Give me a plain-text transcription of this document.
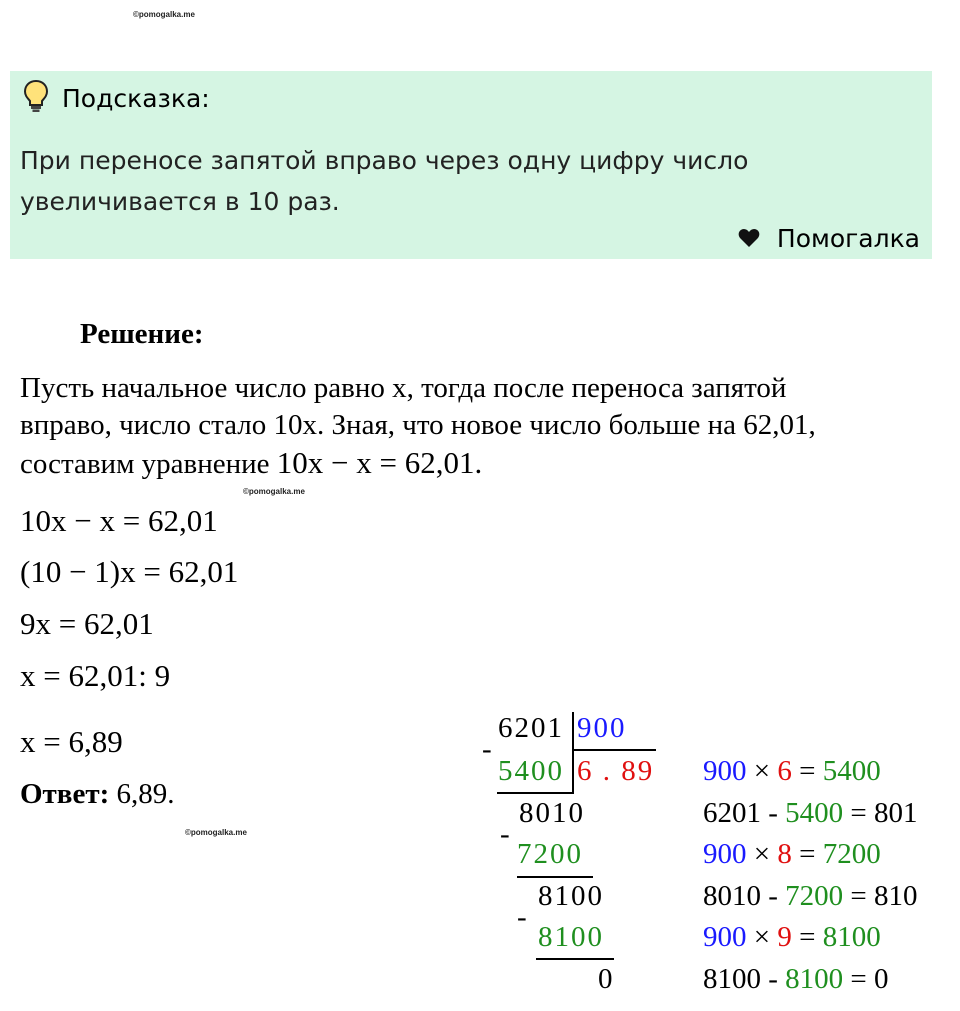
©pomogalka.me
©pomogalka.me
©pomogalka.me
Подсказка:
При переносе запятой вправо через одну цифру число увеличивается в 10 раз.
Помогалка
Решение:
Пусть начальное число равно x, тогда после переноса запятой
вправо, число стало 10x. Зная, что новое число больше на 62,01,
составим уравнение 10x − x = 62,01.
10x − x = 62,01
(10 − 1)x = 62,01
9x = 62,01
x = 62,01: 9
x = 6,89
Ответ: 6,89.
6201 900
-
5400 6 . 89
8010
-
7200
8100
-
8100
0
900 × 6 = 5400
6201 - 5400 = 801
900 × 8 = 7200
8010 - 7200 = 810
900 × 9 = 8100
8100 - 8100 = 0
